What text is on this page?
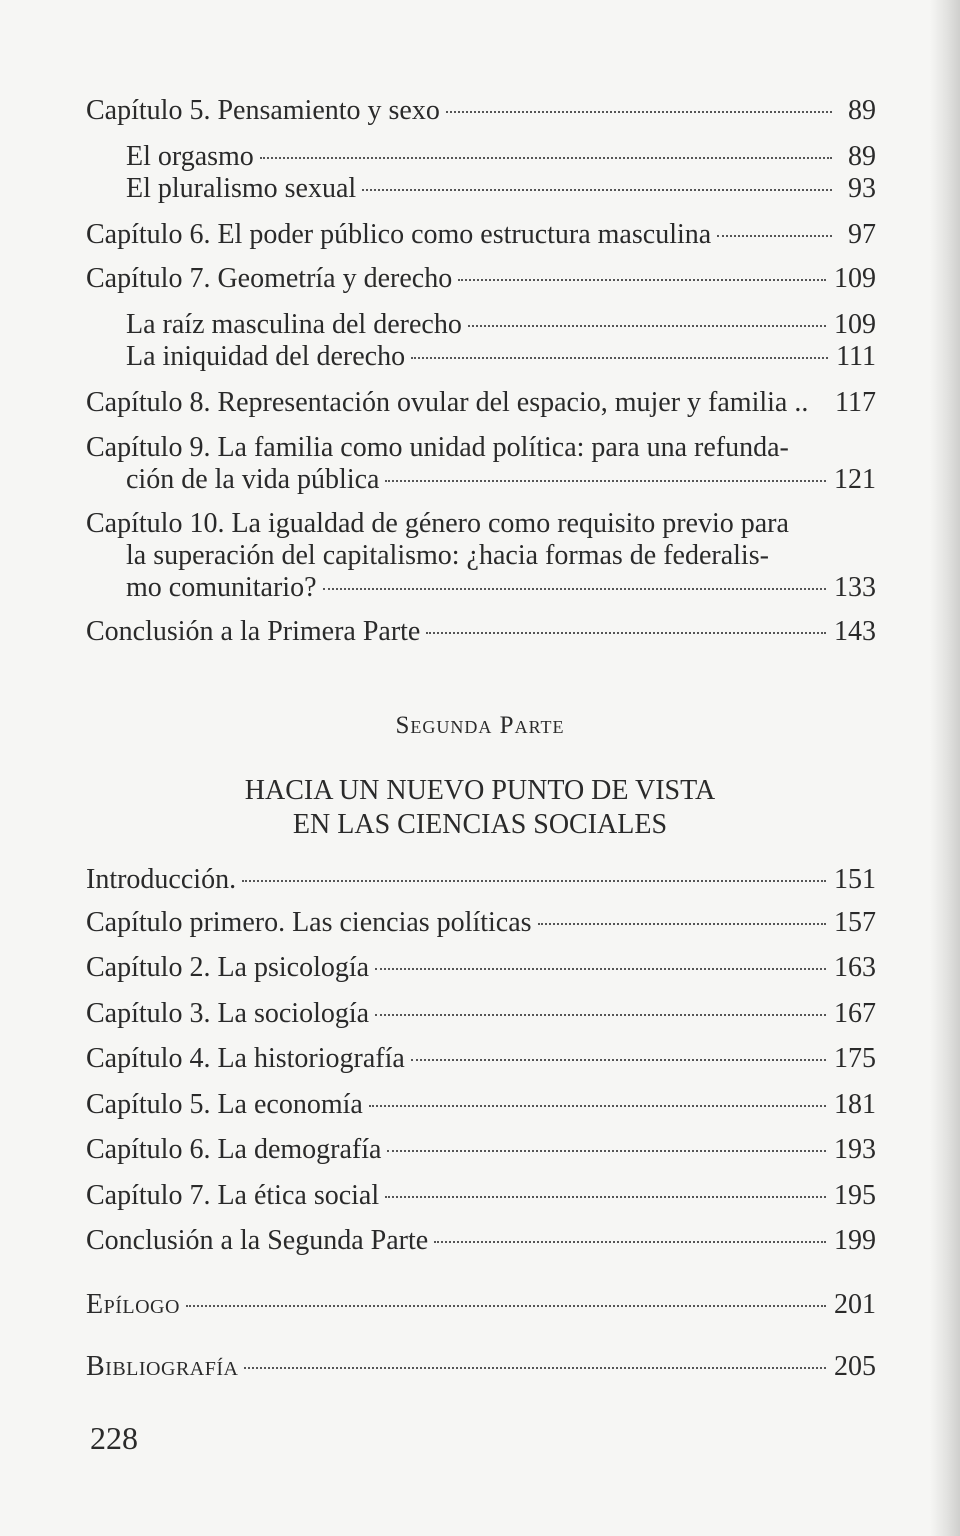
Capítulo 5. Pensamiento y sexo	89
El orgasmo	89
El pluralismo sexual	93
Capítulo 6. El poder público como estructura masculina	97
Capítulo 7. Geometría y derecho	109
La raíz masculina del derecho	109
La iniquidad del derecho	111
Capítulo 8. Representación ovular del espacio, mujer y familia .. 117
Capítulo 9. La familia como unidad política: para una refunda-
ción de la vida pública	121
Capítulo 10. La igualdad de género como requisito previo para
la superación del capitalismo: ¿hacia formas de federalis-
mo comunitario?	133
Conclusión a la Primera Parte	143
Introducción.	151
Capítulo primero. Las ciencias políticas	157
Capítulo 2. La psicología	163
Capítulo 3. La sociología	167
Capítulo 4. La historiografía	175
Capítulo 5. La economía	181
Capítulo 6. La demografía	193
Capítulo 7. La ética social	195
Conclusión a la Segunda Parte	199
Epílogo	201
Bibliografía	205
Segunda Parte
HACIA UN NUEVO PUNTO DE VISTA
EN LAS CIENCIAS SOCIALES
228
